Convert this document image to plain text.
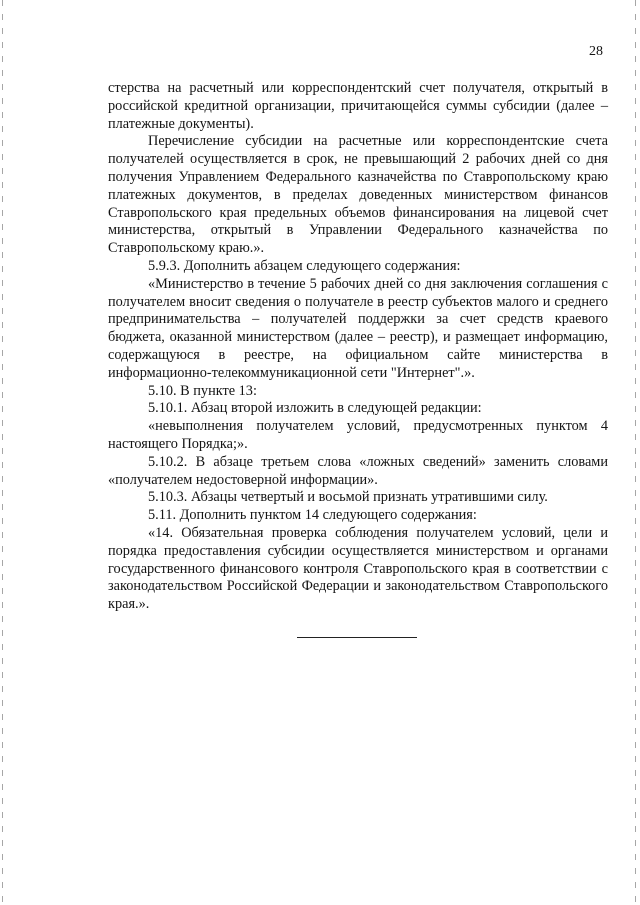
28

стерства на расчетный или корреспондентский счет получателя, открытый в российской кредитной организации, причитающейся суммы субсидии (далее – платежные документы).

Перечисление субсидии на расчетные или корреспондентские счета получателей осуществляется в срок, не превышающий 2 рабочих дней со дня получения Управлением Федерального казначейства по Ставропольскому краю платежных документов, в пределах доведенных министерством финансов Ставропольского края предельных объемов финансирования на лицевой счет министерства, открытый в Управлении Федерального казначейства по Ставропольскому краю.».

5.9.3. Дополнить абзацем следующего содержания:

«Министерство в течение 5 рабочих дней со дня заключения соглашения с получателем вносит сведения о получателе в реестр субъектов малого и среднего предпринимательства – получателей поддержки за счет средств краевого бюджета, оказанной министерством (далее – реестр), и размещает информацию, содержащуюся в реестре, на официальном сайте министерства в информационно-телекоммуникационной сети "Интернет".».

5.10. В пункте 13:

5.10.1. Абзац второй изложить в следующей редакции:

«невыполнения получателем условий, предусмотренных пунктом 4 настоящего Порядка;».

5.10.2. В абзаце третьем слова «ложных сведений» заменить словами «получателем недостоверной информации».

5.10.3. Абзацы четвертый и восьмой признать утратившими силу.

5.11. Дополнить пунктом 14 следующего содержания:

«14. Обязательная проверка соблюдения получателем условий, цели и порядка предоставления субсидии осуществляется министерством и органами государственного финансового контроля Ставропольского края в соответствии с законодательством Российской Федерации и законодательством Ставропольского края.».
